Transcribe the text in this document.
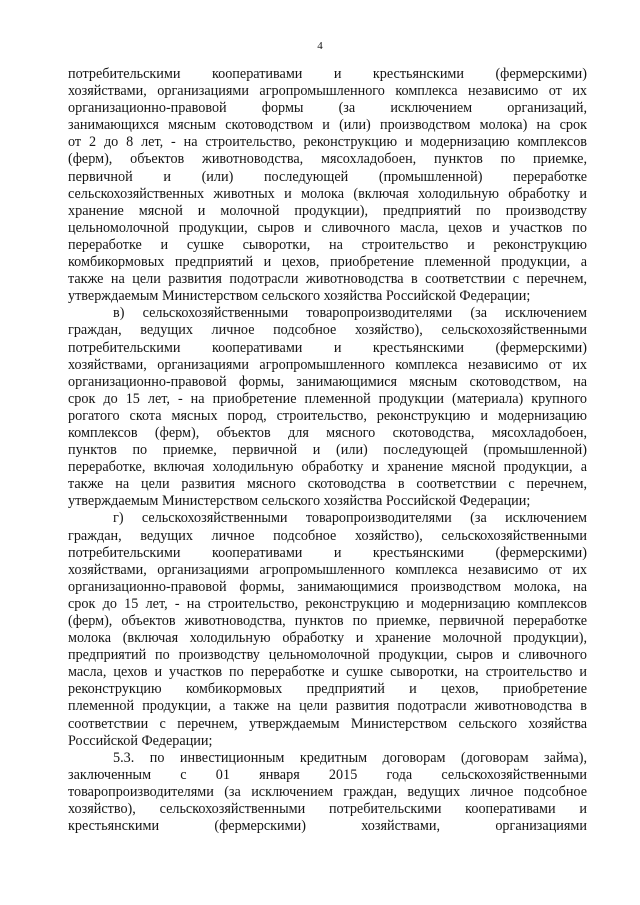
4
потребительскими кооперативами и крестьянскими (фермерскими)
хозяйствами, организациями агропромышленного комплекса независимо от их
организационно-правовой формы (за исключением организаций,
занимающихся мясным скотоводством и (или) производством молока) на срок
от 2 до 8 лет, - на строительство, реконструкцию и модернизацию комплексов
(ферм), объектов животноводства, мясохладобоен, пунктов по приемке,
первичной и (или) последующей (промышленной) переработке
сельскохозяйственных животных и молока (включая холодильную обработку и
хранение мясной и молочной продукции), предприятий по производству
цельномолочной продукции, сыров и сливочного масла, цехов и участков по
переработке и сушке сыворотки, на строительство и реконструкцию
комбикормовых предприятий и цехов, приобретение племенной продукции, а
также на цели развития подотрасли животноводства в соответствии с перечнем,
утверждаемым Министерством сельского хозяйства Российской Федерации;
в) сельскохозяйственными товаропроизводителями (за исключением
граждан, ведущих личное подсобное хозяйство), сельскохозяйственными
потребительскими кооперативами и крестьянскими (фермерскими)
хозяйствами, организациями агропромышленного комплекса независимо от их
организационно-правовой формы, занимающимися мясным скотоводством, на
срок до 15 лет, - на приобретение племенной продукции (материала) крупного
рогатого скота мясных пород, строительство, реконструкцию и модернизацию
комплексов (ферм), объектов для мясного скотоводства, мясохладобоен,
пунктов по приемке, первичной и (или) последующей (промышленной)
переработке, включая холодильную обработку и хранение мясной продукции, а
также на цели развития мясного скотоводства в соответствии с перечнем,
утверждаемым Министерством сельского хозяйства Российской Федерации;
г) сельскохозяйственными товаропроизводителями (за исключением
граждан, ведущих личное подсобное хозяйство), сельскохозяйственными
потребительскими кооперативами и крестьянскими (фермерскими)
хозяйствами, организациями агропромышленного комплекса независимо от их
организационно-правовой формы, занимающимися производством молока, на
срок до 15 лет, - на строительство, реконструкцию и модернизацию комплексов
(ферм), объектов животноводства, пунктов по приемке, первичной переработке
молока (включая холодильную обработку и хранение молочной продукции),
предприятий по производству цельномолочной продукции, сыров и сливочного
масла, цехов и участков по переработке и сушке сыворотки, на строительство и
реконструкцию комбикормовых предприятий и цехов, приобретение
племенной продукции, а также на цели развития подотрасли животноводства в
соответствии с перечнем, утверждаемым Министерством сельского хозяйства
Российской Федерации;
5.3. по инвестиционным кредитным договорам (договорам займа),
заключенным с 01 января 2015 года сельскохозяйственными
товаропроизводителями (за исключением граждан, ведущих личное подсобное
хозяйство), сельскохозяйственными потребительскими кооперативами и
крестьянскими (фермерскими) хозяйствами, организациями
